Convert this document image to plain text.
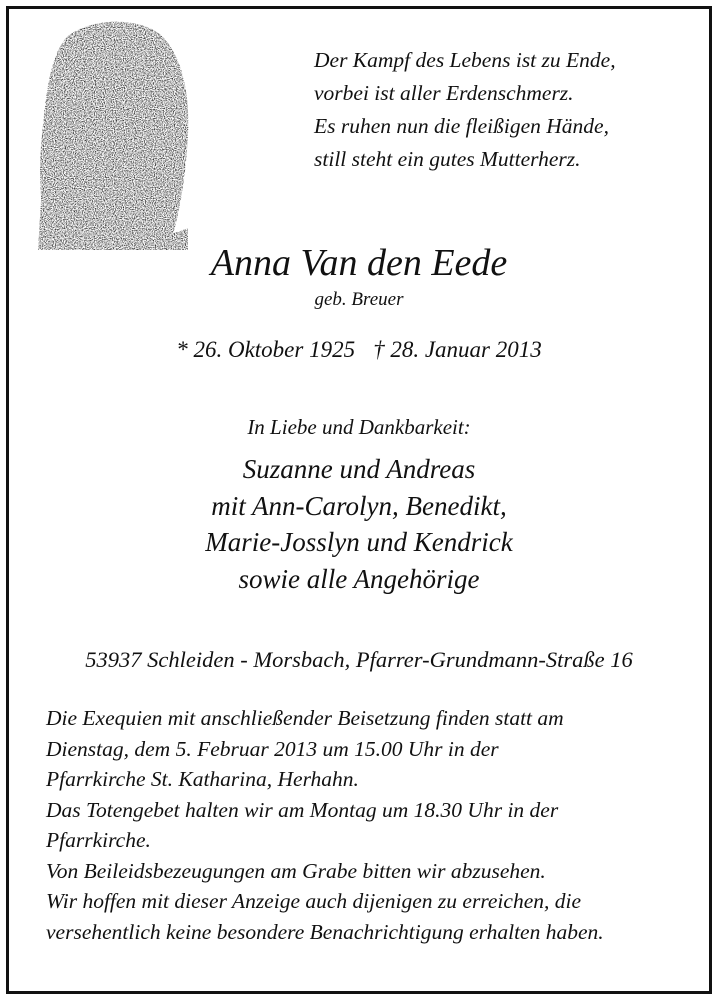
Der Kampf des Lebens ist zu Ende,
vorbei ist aller Erdenschmerz.
Es ruhen nun die fleißigen Hände,
still steht ein gutes Mutterherz.
Anna Van den Eede
geb. Breuer
* 26. Oktober 1925 † 28. Januar 2013
In Liebe und Dankbarkeit:
Suzanne und Andreas
mit Ann-Carolyn, Benedikt,
Marie-Josslyn und Kendrick
sowie alle Angehörige
53937 Schleiden - Morsbach, Pfarrer-Grundmann-Straße 16
Die Exequien mit anschließender Beisetzung finden statt am
Dienstag, dem 5. Februar 2013 um 15.00 Uhr in der
Pfarrkirche St. Katharina, Herhahn.
Das Totengebet halten wir am Montag um 18.30 Uhr in der
Pfarrkirche.
Von Beileidsbezeugungen am Grabe bitten wir abzusehen.
Wir hoffen mit dieser Anzeige auch dijenigen zu erreichen, die
versehentlich keine besondere Benachrichtigung erhalten haben.
